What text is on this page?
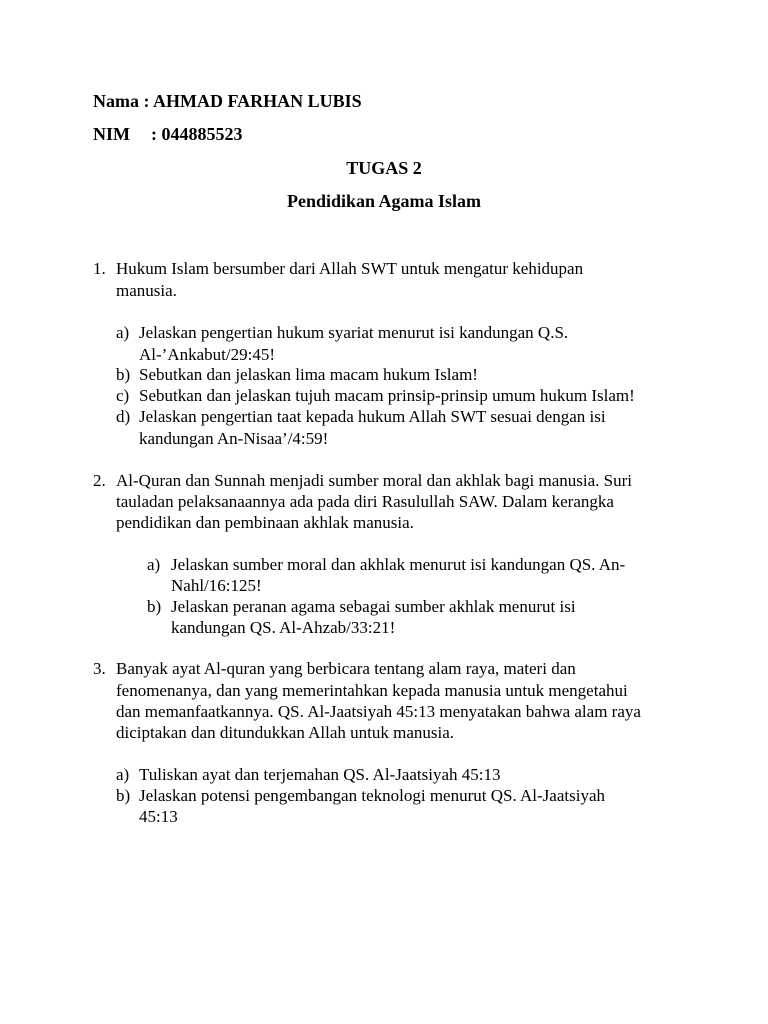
Nama : AHMAD FARHAN LUBIS

NIM : 044885523

TUGAS 2

Pendidikan Agama Islam

1. Hukum Islam bersumber dari Allah SWT untuk mengatur kehidupan
manusia.
a) Jelaskan pengertian hukum syariat menurut isi kandungan Q.S.
Al-’Ankabut/29:45!
b) Sebutkan dan jelaskan lima macam hukum Islam!
c) Sebutkan dan jelaskan tujuh macam prinsip-prinsip umum hukum Islam!
d) Jelaskan pengertian taat kepada hukum Allah SWT sesuai dengan isi
kandungan An-Nisaa’/4:59!
2. Al-Quran dan Sunnah menjadi sumber moral dan akhlak bagi manusia. Suri
tauladan pelaksanaannya ada pada diri Rasulullah SAW. Dalam kerangka
pendidikan dan pembinaan akhlak manusia.
a) Jelaskan sumber moral dan akhlak menurut isi kandungan QS. An-
Nahl/16:125!
b) Jelaskan peranan agama sebagai sumber akhlak menurut isi
kandungan QS. Al-Ahzab/33:21!
3. Banyak ayat Al-quran yang berbicara tentang alam raya, materi dan
fenomenanya, dan yang memerintahkan kepada manusia untuk mengetahui
dan memanfaatkannya. QS. Al-Jaatsiyah 45:13 menyatakan bahwa alam raya
diciptakan dan ditundukkan Allah untuk manusia.
a) Tuliskan ayat dan terjemahan QS. Al-Jaatsiyah 45:13
b) Jelaskan potensi pengembangan teknologi menurut QS. Al-Jaatsiyah
45:13
